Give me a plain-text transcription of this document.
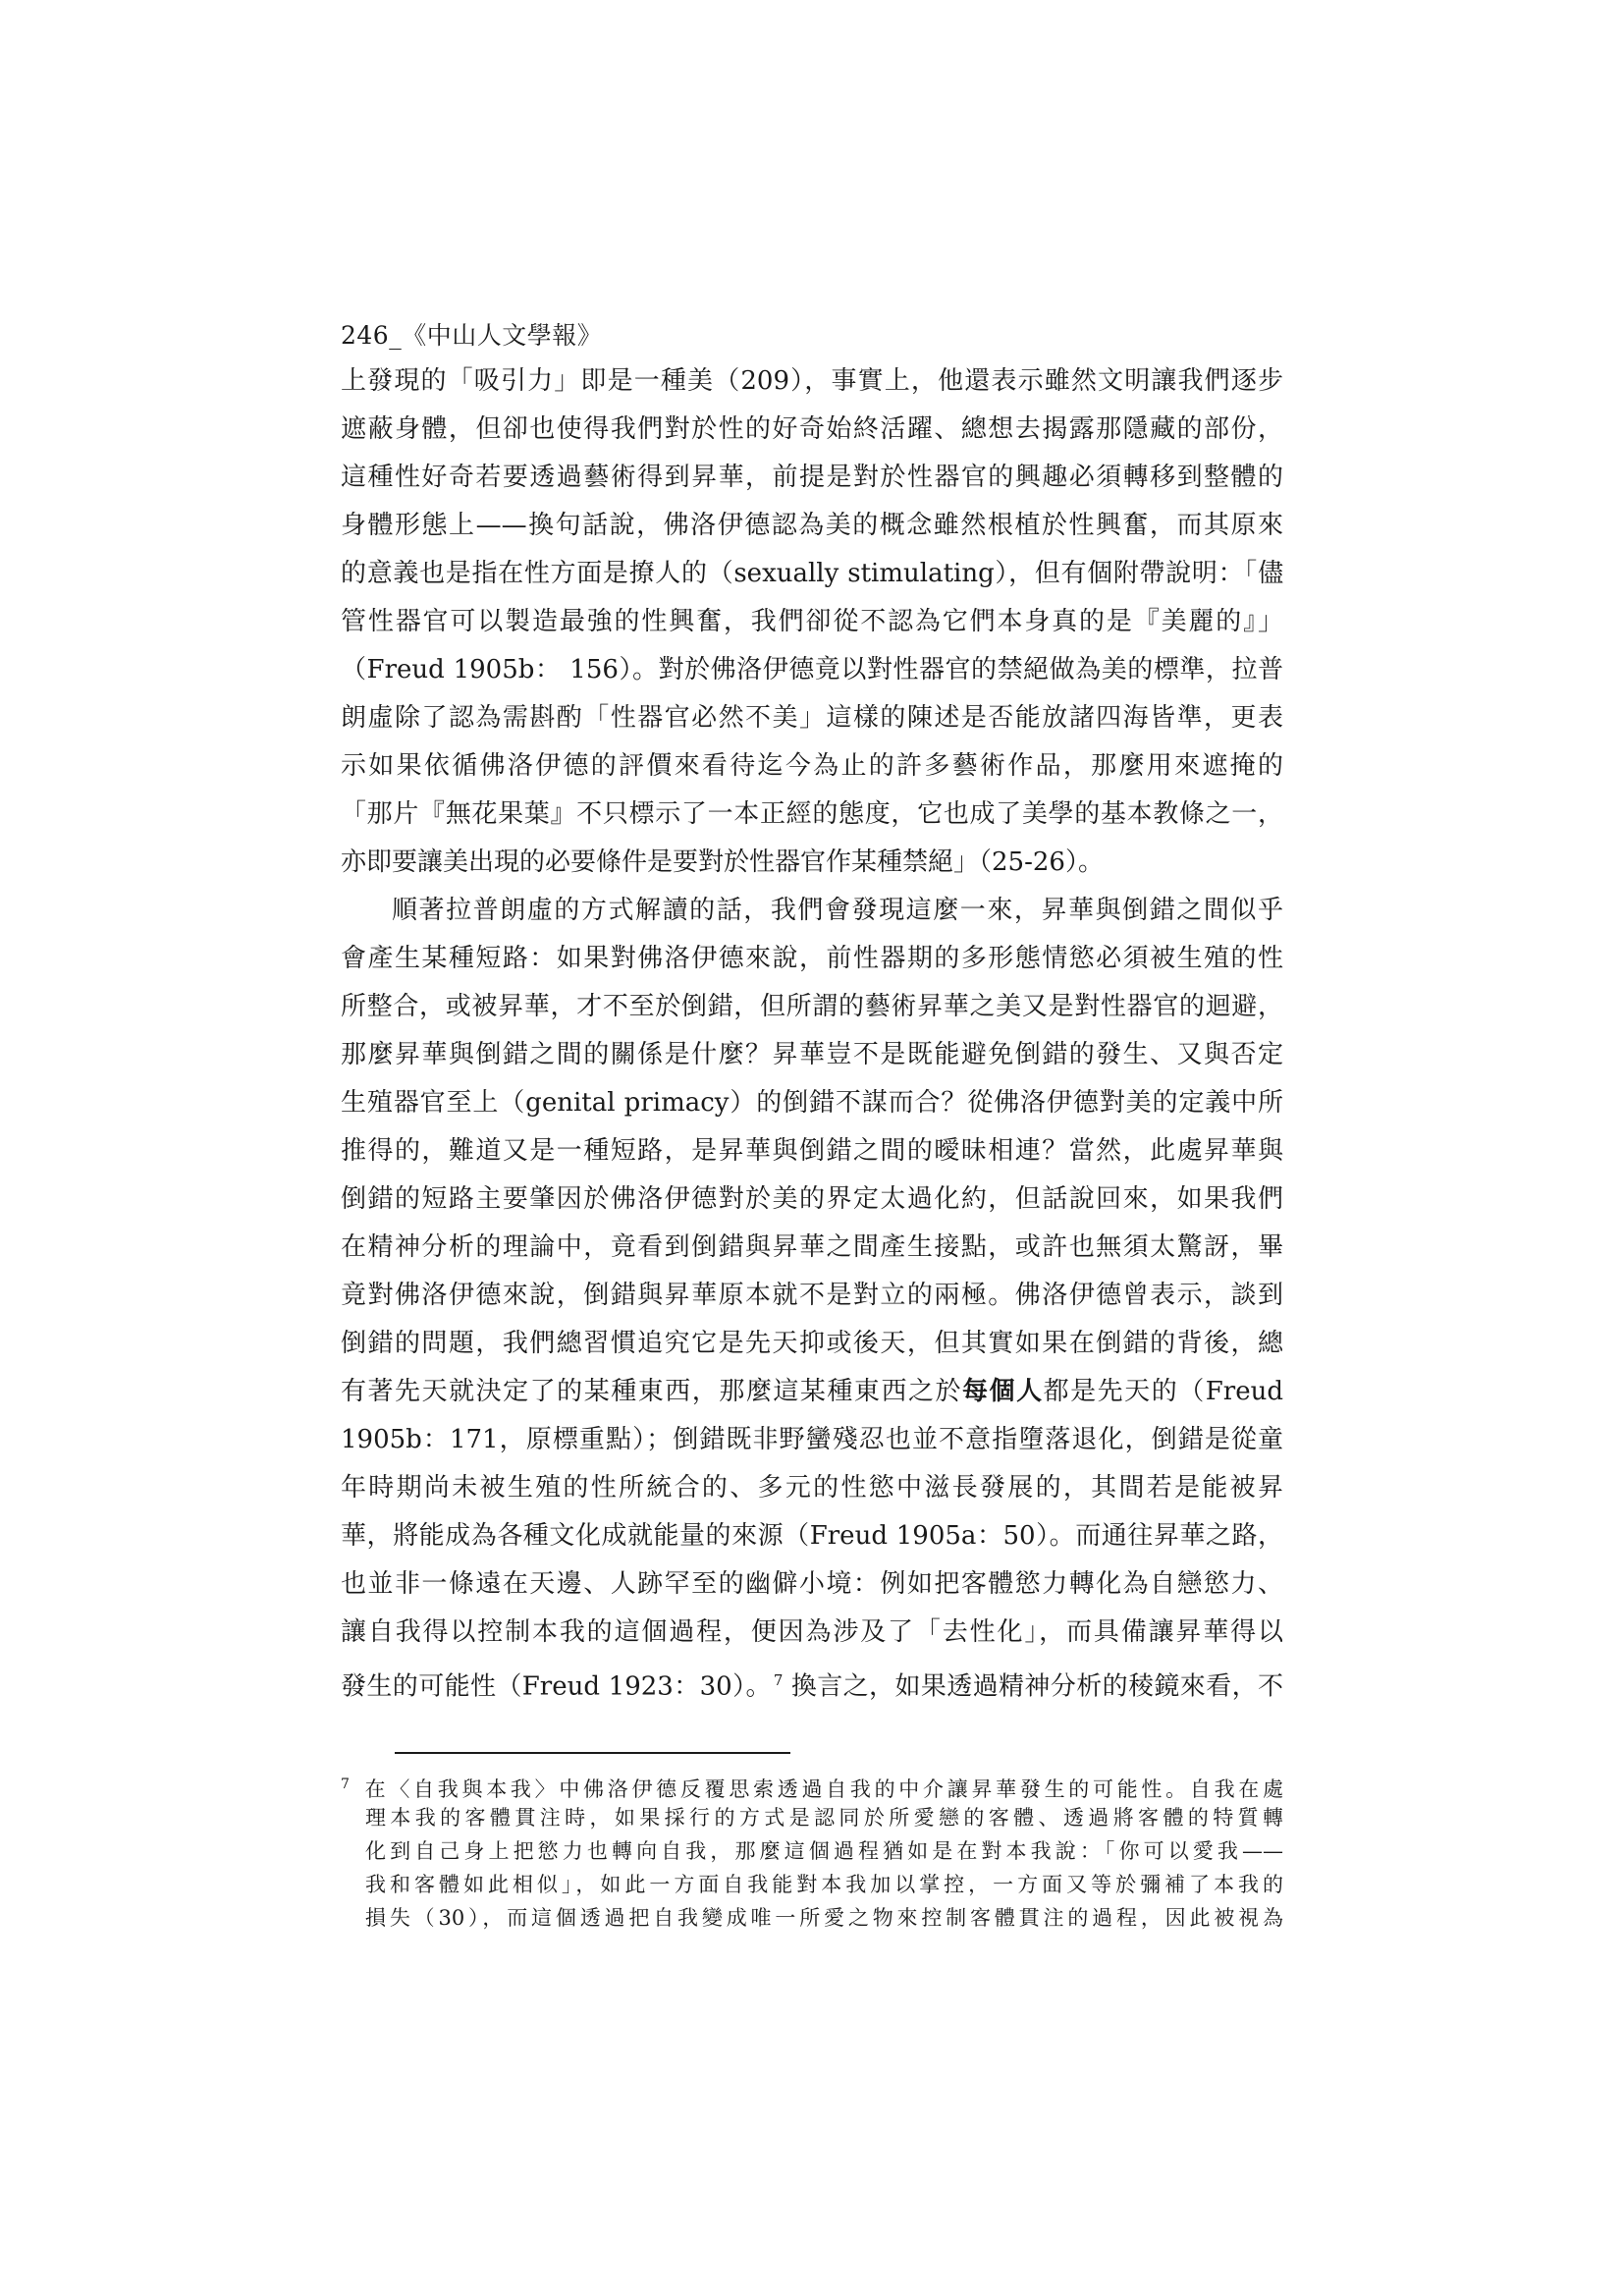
246_《中山人文學報》
上發現的「吸引力」即是一種美（209），事實上，他還表示雖然文明讓我們逐步
遮蔽身體，但卻也使得我們對於性的好奇始終活躍、總想去揭露那隱藏的部份，
這種性好奇若要透過藝術得到昇華，前提是對於性器官的興趣必須轉移到整體的
身體形態上——換句話說，佛洛伊德認為美的概念雖然根植於性興奮，而其原來
的意義也是指在性方面是撩人的（sexually stimulating），但有個附帶說明：「儘
管性器官可以製造最強的性興奮，我們卻從不認為它們本身真的是『美麗的』」
（Freud 1905b： 156）。對於佛洛伊德竟以對性器官的禁絕做為美的標準，拉普
朗虛除了認為需斟酌「性器官必然不美」這樣的陳述是否能放諸四海皆準，更表
示如果依循佛洛伊德的評價來看待迄今為止的許多藝術作品，那麼用來遮掩的
「那片『無花果葉』不只標示了一本正經的態度，它也成了美學的基本教條之一，
亦即要讓美出現的必要條件是要對於性器官作某種禁絕」（25-26）。
順著拉普朗虛的方式解讀的話，我們會發現這麼一來，昇華與倒錯之間似乎
會產生某種短路：如果對佛洛伊德來說，前性器期的多形態情慾必須被生殖的性
所整合，或被昇華，才不至於倒錯，但所謂的藝術昇華之美又是對性器官的迴避，
那麼昇華與倒錯之間的關係是什麼？昇華豈不是既能避免倒錯的發生、又與否定
生殖器官至上（genital primacy）的倒錯不謀而合？從佛洛伊德對美的定義中所
推得的，難道又是一種短路，是昇華與倒錯之間的曖昧相連？當然，此處昇華與
倒錯的短路主要肇因於佛洛伊德對於美的界定太過化約，但話說回來，如果我們
在精神分析的理論中，竟看到倒錯與昇華之間產生接點，或許也無須太驚訝，畢
竟對佛洛伊德來說，倒錯與昇華原本就不是對立的兩極。佛洛伊德曾表示，談到
倒錯的問題，我們總習慣追究它是先天抑或後天，但其實如果在倒錯的背後，總
有著先天就決定了的某種東西，那麼這某種東西之於每個人都是先天的（Freud
1905b：171，原標重點）；倒錯既非野蠻殘忍也並不意指墮落退化，倒錯是從童
年時期尚未被生殖的性所統合的、多元的性慾中滋長發展的，其間若是能被昇
華，將能成為各種文化成就能量的來源（Freud 1905a：50）。而通往昇華之路，
也並非一條遠在天邊、人跡罕至的幽僻小境：例如把客體慾力轉化為自戀慾力、
讓自我得以控制本我的這個過程，便因為涉及了「去性化」，而具備讓昇華得以
發生的可能性（Freud 1923：30）。 $^7$ 換言之，如果透過精神分析的稜鏡來看，不
$^7$ 在〈自我與本我〉中佛洛伊德反覆思索透過自我的中介讓昇華發生的可能性。自我在處
理本我的客體貫注時，如果採行的方式是認同於所愛戀的客體、透過將客體的特質轉
化到自己身上把慾力也轉向自我，那麼這個過程猶如是在對本我說：「你可以愛我——
我和客體如此相似」，如此一方面自我能對本我加以掌控，一方面又等於彌補了本我的
損失（30），而這個透過把自我變成唯一所愛之物來控制客體貫注的過程，因此被視為
